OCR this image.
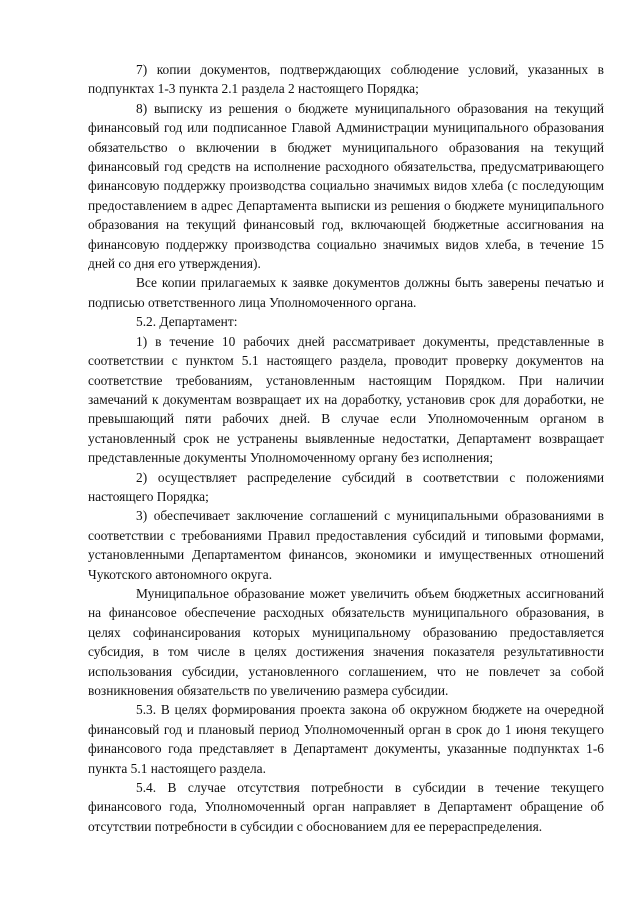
7) копии документов, подтверждающих соблюдение условий, указанных в подпунктах 1-3 пункта 2.1 раздела 2 настоящего Порядка;

8) выписку из решения о бюджете муниципального образования на текущий финансовый год или подписанное Главой Администрации муниципального образования обязательство о включении в бюджет муниципального образования на текущий финансовый год средств на исполнение расходного обязательства, предусматривающего финансовую поддержку производства социально значимых видов хлеба (с последующим предоставлением в адрес Департамента выписки из решения о бюджете муниципального образования на текущий финансовый год, включающей бюджетные ассигнования на финансовую поддержку производства социально значимых видов хлеба, в течение 15 дней со дня его утверждения).

Все копии прилагаемых к заявке документов должны быть заверены печатью и подписью ответственного лица Уполномоченного органа.

5.2. Департамент:

1) в течение 10 рабочих дней рассматривает документы, представленные в соответствии с пунктом 5.1 настоящего раздела, проводит проверку документов на соответствие требованиям, установленным настоящим Порядком. При наличии замечаний к документам возвращает их на доработку, установив срок для доработки, не превышающий пяти рабочих дней. В случае если Уполномоченным органом в установленный срок не устранены выявленные недостатки, Департамент возвращает представленные документы Уполномоченному органу без исполнения;

2) осуществляет распределение субсидий в соответствии с положениями настоящего Порядка;

3) обеспечивает заключение соглашений с муниципальными образованиями в соответствии с требованиями Правил предоставления субсидий и типовыми формами, установленными Департаментом финансов, экономики и имущественных отношений Чукотского автономного округа.

Муниципальное образование может увеличить объем бюджетных ассигнований на финансовое обеспечение расходных обязательств муниципального образования, в целях софинансирования которых муниципальному образованию предоставляется субсидия, в том числе в целях достижения значения показателя результативности использования субсидии, установленного соглашением, что не повлечет за собой возникновения обязательств по увеличению размера субсидии.

5.3. В целях формирования проекта закона об окружном бюджете на очередной финансовый год и плановый период Уполномоченный орган в срок до 1 июня текущего финансового года представляет в Департамент документы, указанные подпунктах 1-6 пункта 5.1 настоящего раздела.

5.4. В случае отсутствия потребности в субсидии в течение текущего финансового года, Уполномоченный орган направляет в Департамент обращение об отсутствии потребности в субсидии с обоснованием для ее перераспределения.
